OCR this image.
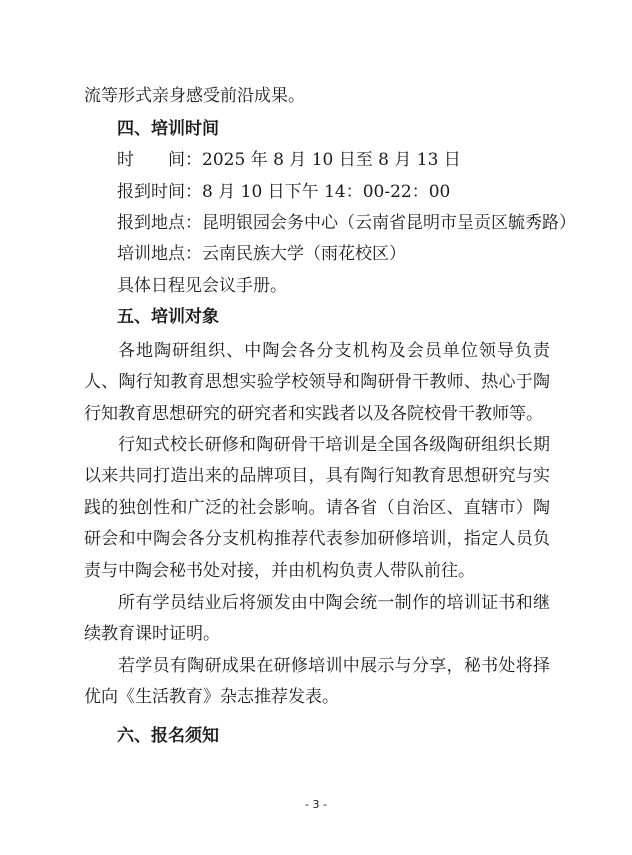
流等形式亲身感受前沿成果。
四、培训时间
时　　间：2025 年 8 月 10 日至 8 月 13 日
报到时间：8 月 10 日下午 14：00-22：00
报到地点：昆明银园会务中心（云南省昆明市呈贡区毓秀路）
培训地点：云南民族大学（雨花校区）
具体日程见会议手册。
五、培训对象

各地陶研组织、中陶会各分支机构及会员单位领导负责人、陶行知教育思想实验学校领导和陶研骨干教师、热心于陶行知教育思想研究的研究者和实践者以及各院校骨干教师等。

行知式校长研修和陶研骨干培训是全国各级陶研组织长期以来共同打造出来的品牌项目，具有陶行知教育思想研究与实践的独创性和广泛的社会影响。请各省（自治区、直辖市）陶研会和中陶会各分支机构推荐代表参加研修培训，指定人员负责与中陶会秘书处对接，并由机构负责人带队前往。

所有学员结业后将颁发由中陶会统一制作的培训证书和继续教育课时证明。

若学员有陶研成果在研修培训中展示与分享，秘书处将择优向《生活教育》杂志推荐发表。

六、报名须知
- 3 -
